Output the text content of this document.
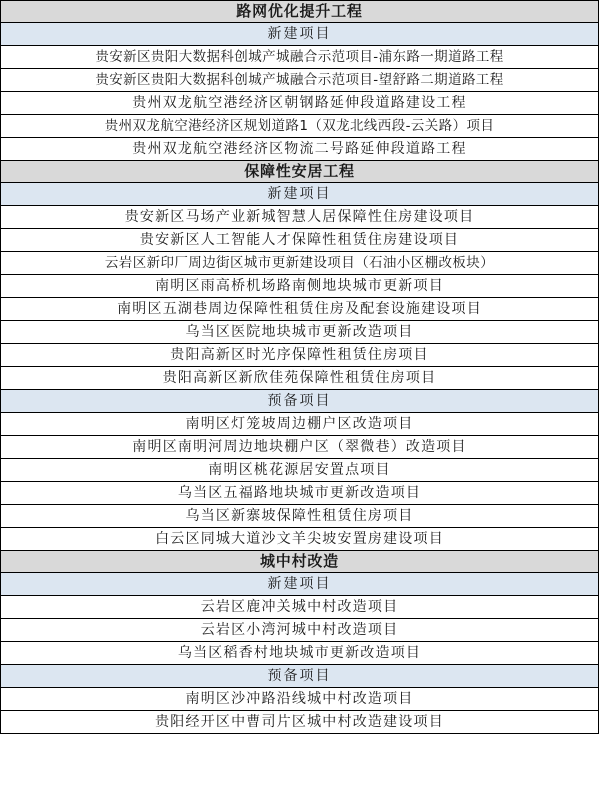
路网优化提升工程
新建项目
贵安新区贵阳大数据科创城产城融合示范项目-浦东路一期道路工程
贵安新区贵阳大数据科创城产城融合示范项目-望舒路二期道路工程
贵州双龙航空港经济区朝钢路延伸段道路建设工程
贵州双龙航空港经济区规划道路1（双龙北线西段-云关路）项目
贵州双龙航空港经济区物流二号路延伸段道路工程
保障性安居工程
新建项目
贵安新区马场产业新城智慧人居保障性住房建设项目
贵安新区人工智能人才保障性租赁住房建设项目
云岩区新印厂周边街区城市更新建设项目（石油小区棚改板块）
南明区雨高桥机场路南侧地块城市更新项目
南明区五湖巷周边保障性租赁住房及配套设施建设项目
乌当区医院地块城市更新改造项目
贵阳高新区时光序保障性租赁住房项目
贵阳高新区新欣佳苑保障性租赁住房项目
预备项目
南明区灯笼坡周边棚户区改造项目
南明区南明河周边地块棚户区（翠微巷）改造项目
南明区桃花源居安置点项目
乌当区五福路地块城市更新改造项目
乌当区新寨坡保障性租赁住房项目
白云区同城大道沙文羊尖坡安置房建设项目
城中村改造
新建项目
云岩区鹿冲关城中村改造项目
云岩区小湾河城中村改造项目
乌当区稻香村地块城市更新改造项目
预备项目
南明区沙冲路沿线城中村改造项目
贵阳经开区中曹司片区城中村改造建设项目
